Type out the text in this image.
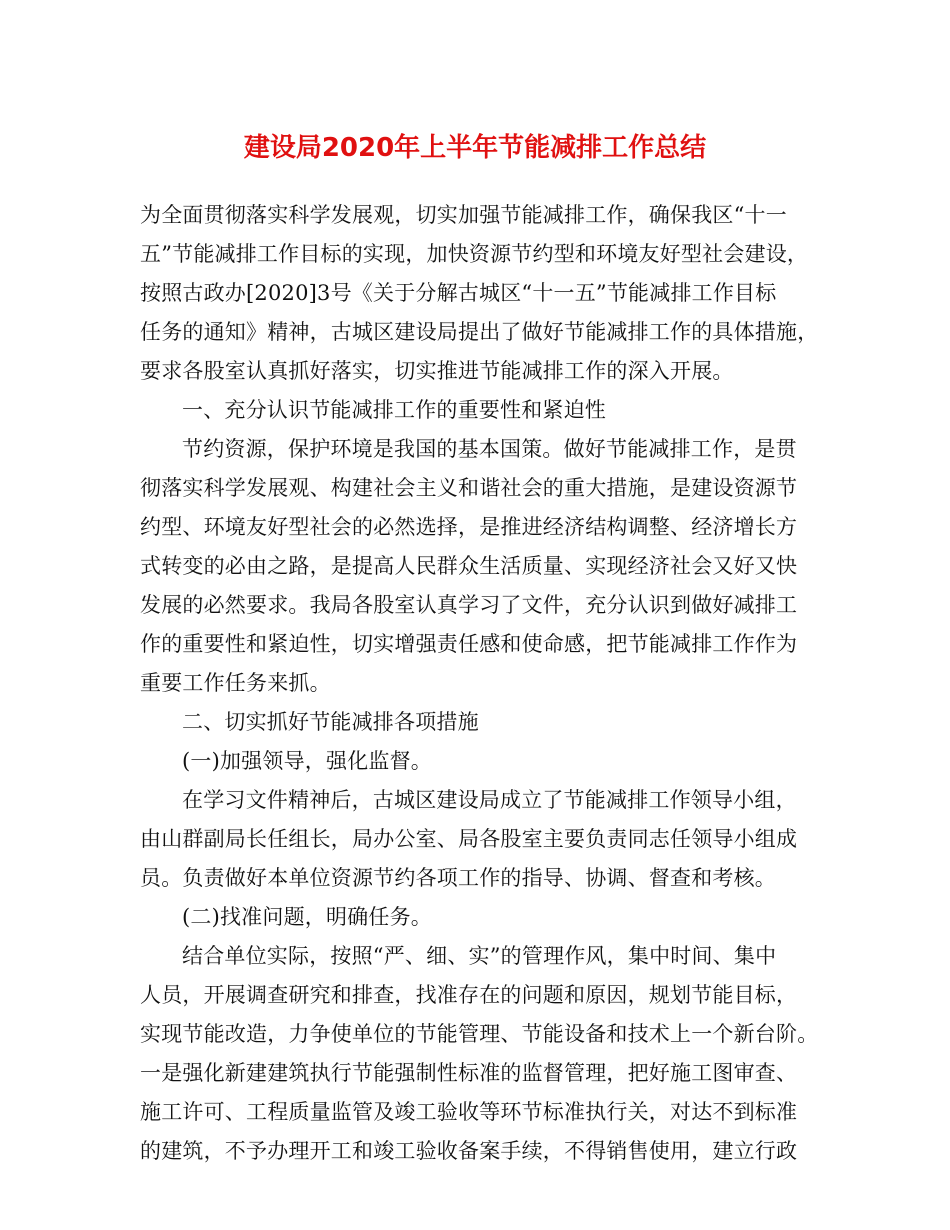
建设局2020年上半年节能减排工作总结
为全面贯彻落实科学发展观，切实加强节能减排工作，确保我区“十一
五”节能减排工作目标的实现，加快资源节约型和环境友好型社会建设，
按照古政办[2020]3号《关于分解古城区“十一五”节能减排工作目标
任务的通知》精神，古城区建设局提出了做好节能减排工作的具体措施，
要求各股室认真抓好落实，切实推进节能减排工作的深入开展。
一、充分认识节能减排工作的重要性和紧迫性
节约资源，保护环境是我国的基本国策。做好节能减排工作，是贯
彻落实科学发展观、构建社会主义和谐社会的重大措施，是建设资源节
约型、环境友好型社会的必然选择，是推进经济结构调整、经济增长方
式转变的必由之路，是提高人民群众生活质量、实现经济社会又好又快
发展的必然要求。我局各股室认真学习了文件，充分认识到做好减排工
作的重要性和紧迫性，切实增强责任感和使命感，把节能减排工作作为
重要工作任务来抓。
二、切实抓好节能减排各项措施
(一)加强领导，强化监督。
在学习文件精神后，古城区建设局成立了节能减排工作领导小组，
由山群副局长任组长，局办公室、局各股室主要负责同志任领导小组成
员。负责做好本单位资源节约各项工作的指导、协调、督查和考核。
(二)找准问题，明确任务。
结合单位实际，按照“严、细、实”的管理作风，集中时间、集中
人员，开展调查研究和排查，找准存在的问题和原因，规划节能目标，
实现节能改造，力争使单位的节能管理、节能设备和技术上一个新台阶。
一是强化新建建筑执行节能强制性标准的监督管理，把好施工图审查、
施工许可、工程质量监管及竣工验收等环节标准执行关，对达不到标准
的建筑，不予办理开工和竣工验收备案手续，不得销售使用，建立行政
